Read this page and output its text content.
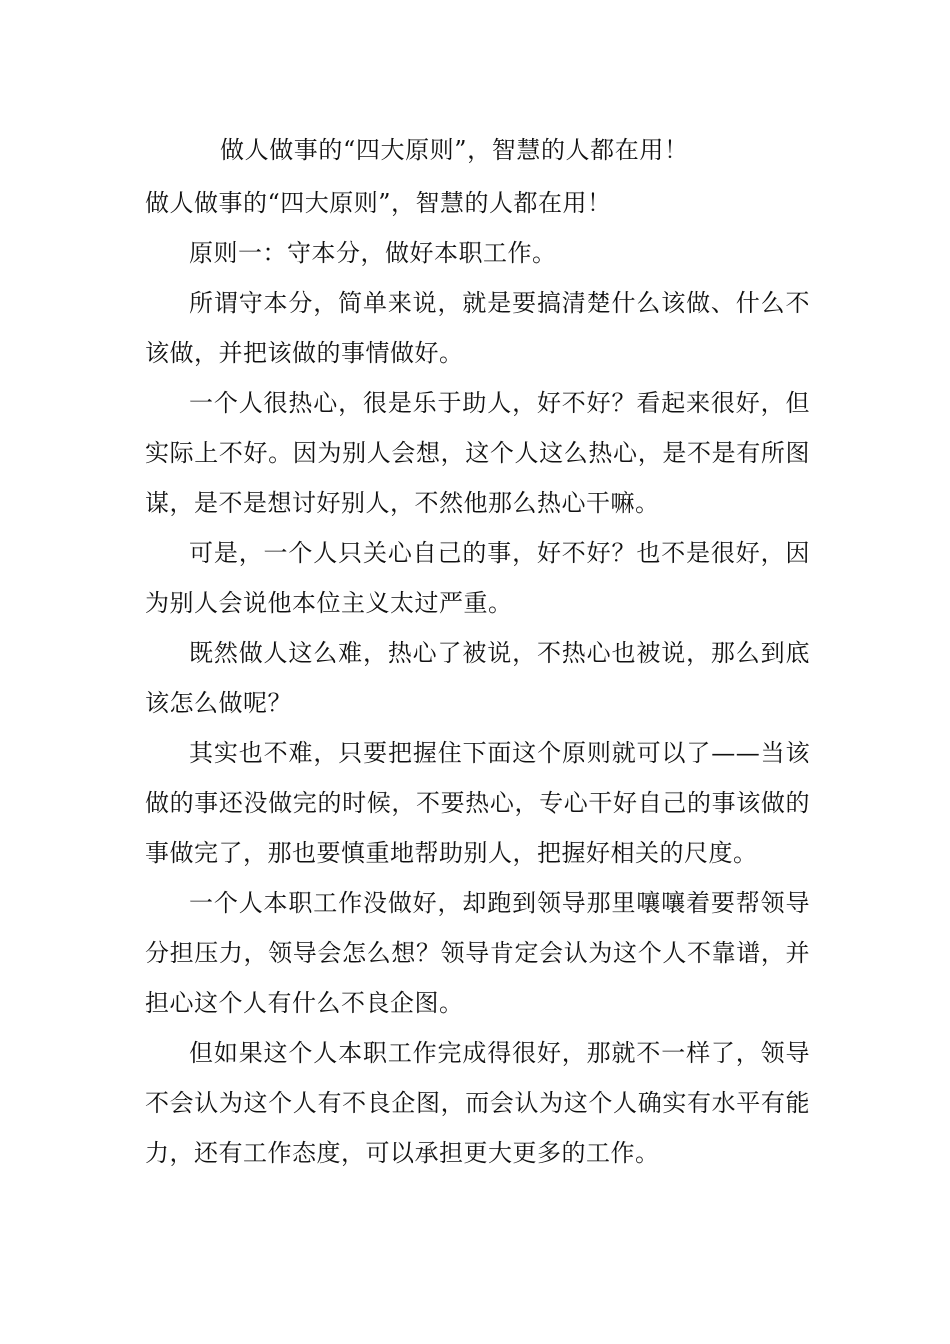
做人做事的“四大原则”，智慧的人都在用！

做人做事的“四大原则”，智慧的人都在用！

原则一：守本分，做好本职工作。

所谓守本分，简单来说，就是要搞清楚什么该做、什么不该做，并把该做的事情做好。

一个人很热心，很是乐于助人，好不好？看起来很好，但实际上不好。因为别人会想，这个人这么热心，是不是有所图谋，是不是想讨好别人，不然他那么热心干嘛。

可是，一个人只关心自己的事，好不好？也不是很好，因为别人会说他本位主义太过严重。

既然做人这么难，热心了被说，不热心也被说，那么到底该怎么做呢？

其实也不难，只要把握住下面这个原则就可以了——当该做的事还没做完的时候，不要热心，专心干好自己的事该做的事做完了，那也要慎重地帮助别人，把握好相关的尺度。

一个人本职工作没做好，却跑到领导那里嚷嚷着要帮领导分担压力，领导会怎么想？领导肯定会认为这个人不靠谱，并担心这个人有什么不良企图。

但如果这个人本职工作完成得很好，那就不一样了，领导不会认为这个人有不良企图，而会认为这个人确实有水平有能力，还有工作态度，可以承担更大更多的工作。
